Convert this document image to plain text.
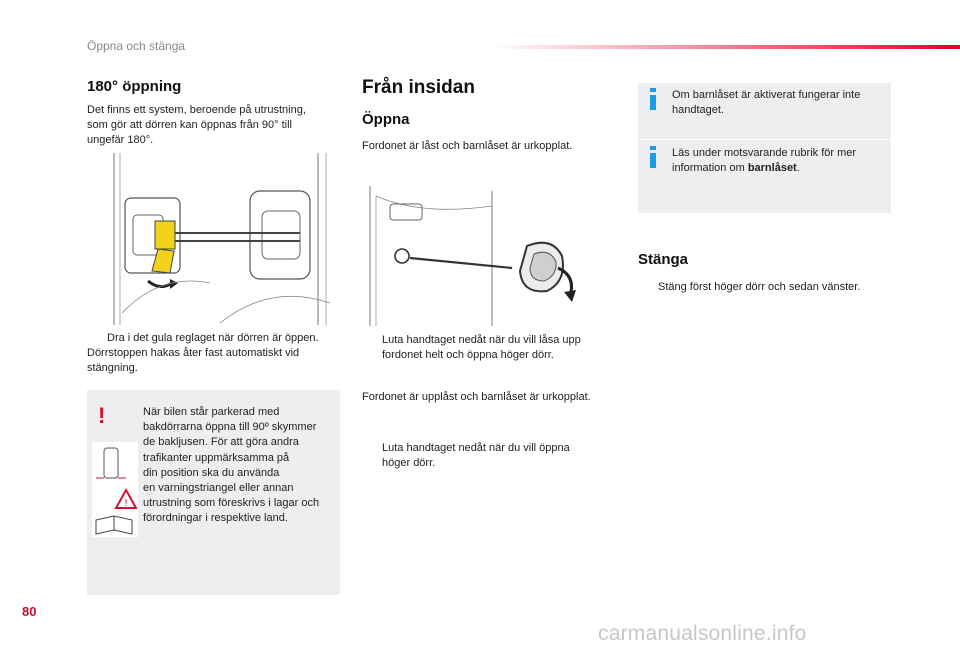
Öppna och stänga
180° öppning
Det finns ett system, beroende på utrustning,
som gör att dörren kan öppnas från 90° till
ungefär 180°.
Dra i det gula reglaget när dörren är öppen.
Dörrstoppen hakas åter fast automatiskt vid
stängning.
!
!
När bilen står parkerad med
bakdörrarna öppna till 90º skymmer
de bakljusen. För att göra andra
trafikanter uppmärksamma på
din position ska du använda
en varningstriangel eller annan
utrustning som föreskrivs i lagar och
förordningar i respektive land.
Från insidan
Öppna
Fordonet är låst och barnlåset är urkopplat.
Luta handtaget nedåt när du vill låsa upp
fordonet helt och öppna höger dörr.
Fordonet är upplåst och barnlåset är urkopplat.
Luta handtaget nedåt när du vill öppna
höger dörr.
Om barnlåset är aktiverat fungerar inte
handtaget.
Läs under motsvarande rubrik för mer
information om barnlåset.
Stänga
Stäng först höger dörr och sedan vänster.
80
carmanualsonline.info
